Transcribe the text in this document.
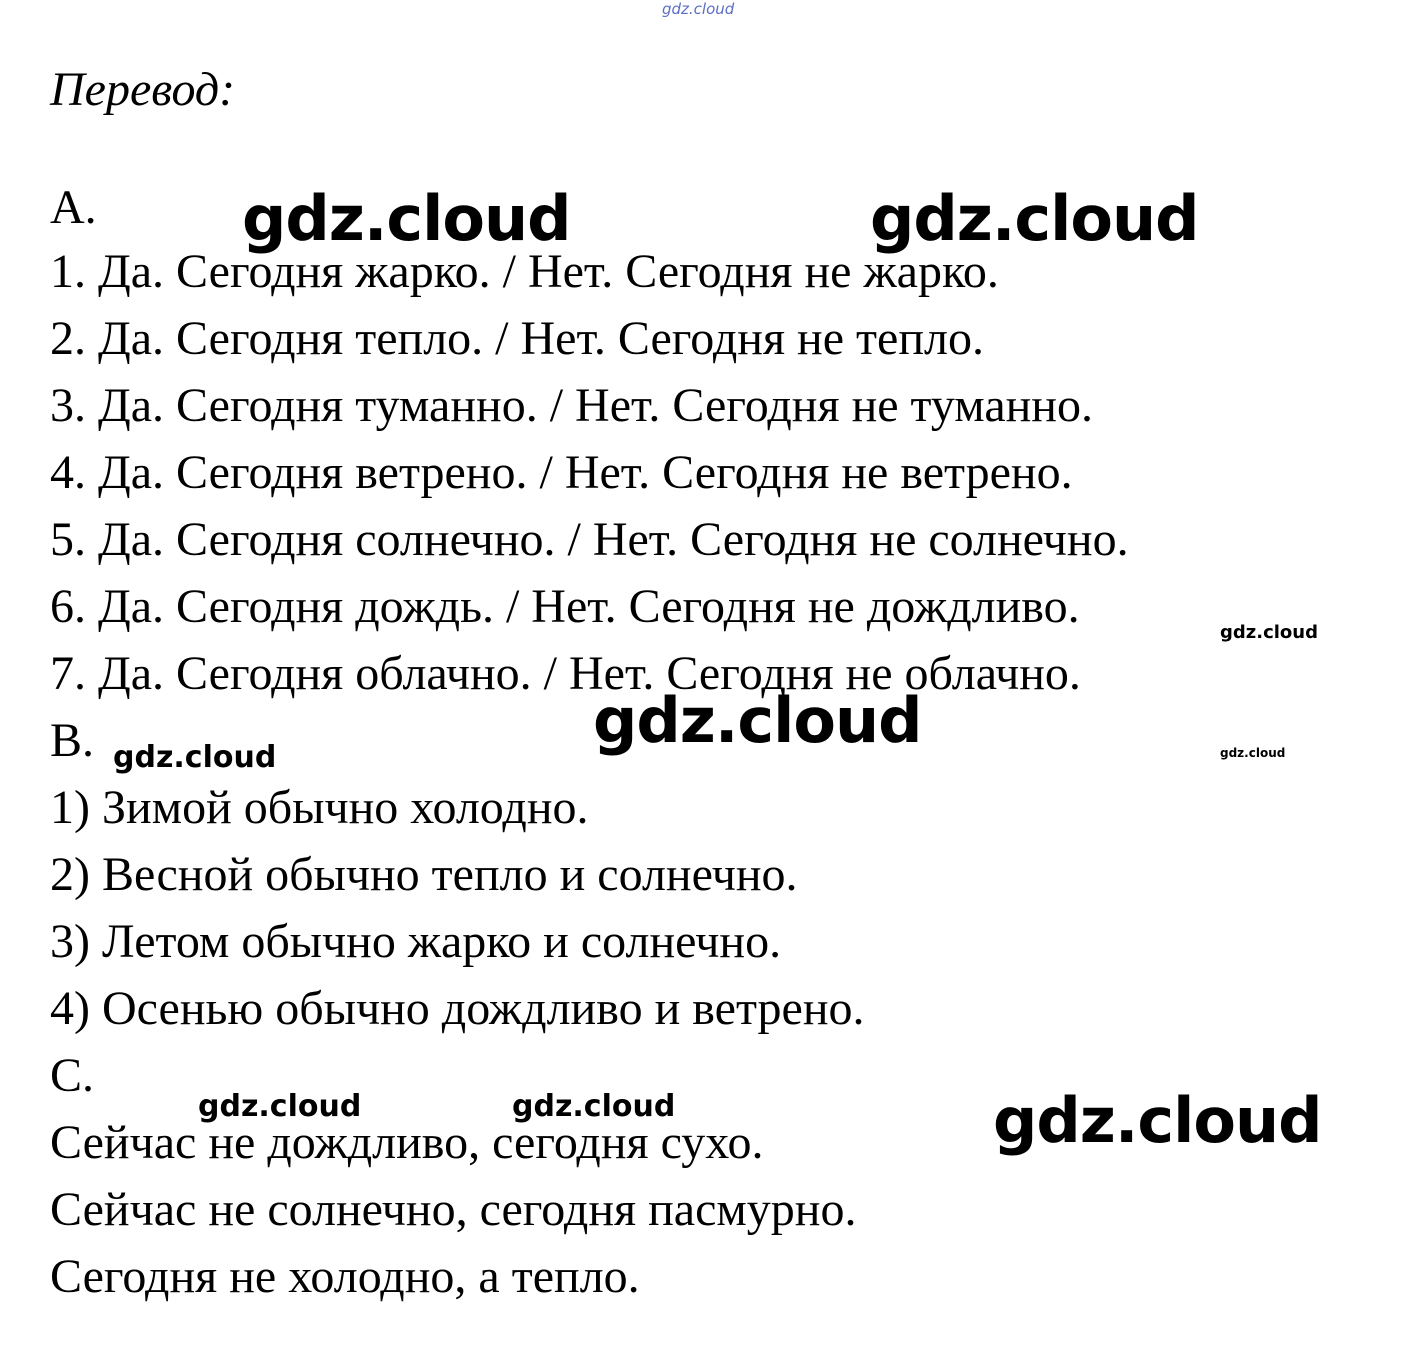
Перевод:
A.
1. Да. Сегодня жарко. / Нет. Сегодня не жарко.
2. Да. Сегодня тепло. / Нет. Сегодня не тепло.
3. Да. Сегодня туманно. / Нет. Сегодня не туманно.
4. Да. Сегодня ветрено. / Нет. Сегодня не ветрено.
5. Да. Сегодня солнечно. / Нет. Сегодня не солнечно.
6. Да. Сегодня дождь. / Нет. Сегодня не дождливо.
7. Да. Сегодня облачно. / Нет. Сегодня не облачно.
B.
1) Зимой обычно холодно.
2) Весной обычно тепло и солнечно.
3) Летом обычно жарко и солнечно.
4) Осенью обычно дождливо и ветрено.
C.
Сейчас не дождливо, сегодня сухо.
Сейчас не солнечно, сегодня пасмурно.
Сегодня не холодно, а тепло.
gdz.cloud
gdz.cloud	gdz.cloud
gdz.cloud
gdz.cloud
gdz.cloud	gdz.cloud
gdz.cloud	gdz.cloud	gdz.cloud
